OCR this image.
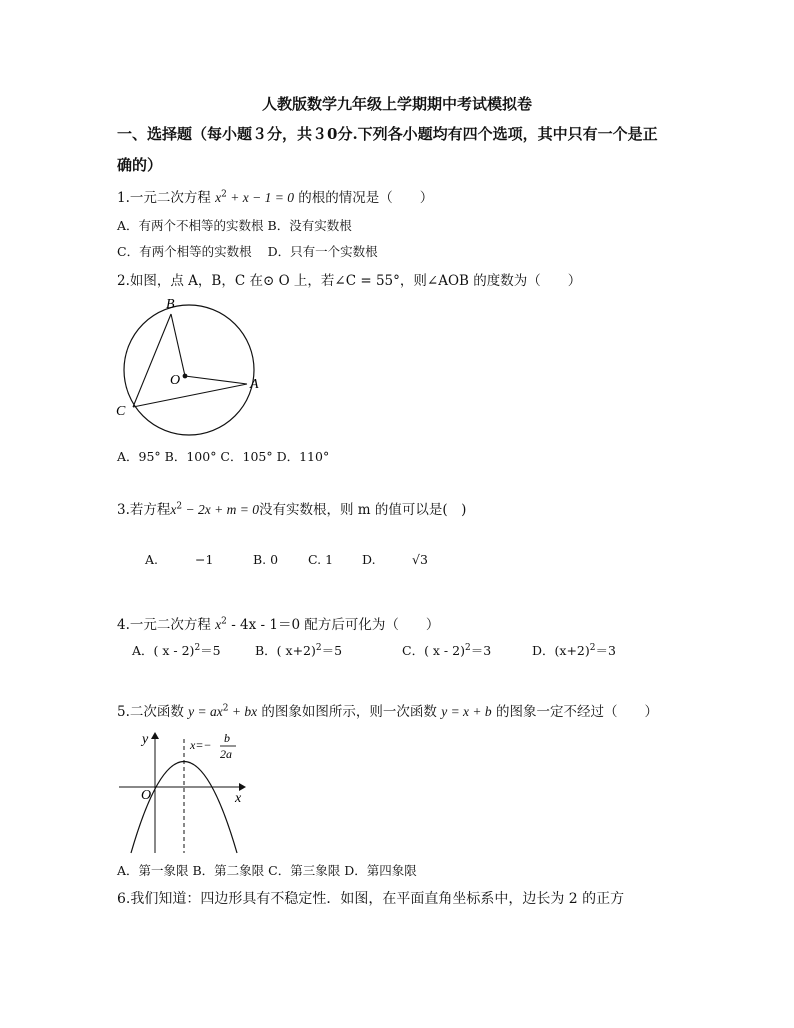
人教版数学九年级上学期期中考试模拟卷
一、选择题（每小题３分，共３0分.下列各小题均有四个选项，其中只有一个是正
确的）
1.一元二次方程 $x^2 + x - 1 = 0$ 的根的情况是（　　）
A．有两个不相等的实数根 B．没有实数根
C．有两个相等的实数根 D．只有一个实数根
2.如图，点 A，B，C 在⊙ O 上，若∠C = 55°，则∠AOB 的度数为（　　）
B
O	A
C
A．95° B．100° C．105° D．110°
3.若方程$x^2 - 2x + m = 0$没有实数根，则 m 的值可以是(　)
A.	−1	B. 0 C. 1 D.	√3
4.一元二次方程 $x^2 - 4x - 1=0$ 配方后可化为（　　）
A．( x - 2)$^2$＝5	B．( x+2)$^2$＝5	C．( x - 2)$^2$＝3	D．$(x+2)^2=3$
5.二次函数 $y = ax^2$ + bx 的图象如图所示，则一次函数 y = x + b 的图象一定不经过（　　）
y
x
O
x=− b
2a
A．第一象限 B．第二象限 C．第三象限 D．第四象限
6.我们知道：四边形具有不稳定性．如图，在平面直角坐标系中，边长为 2 的正方
